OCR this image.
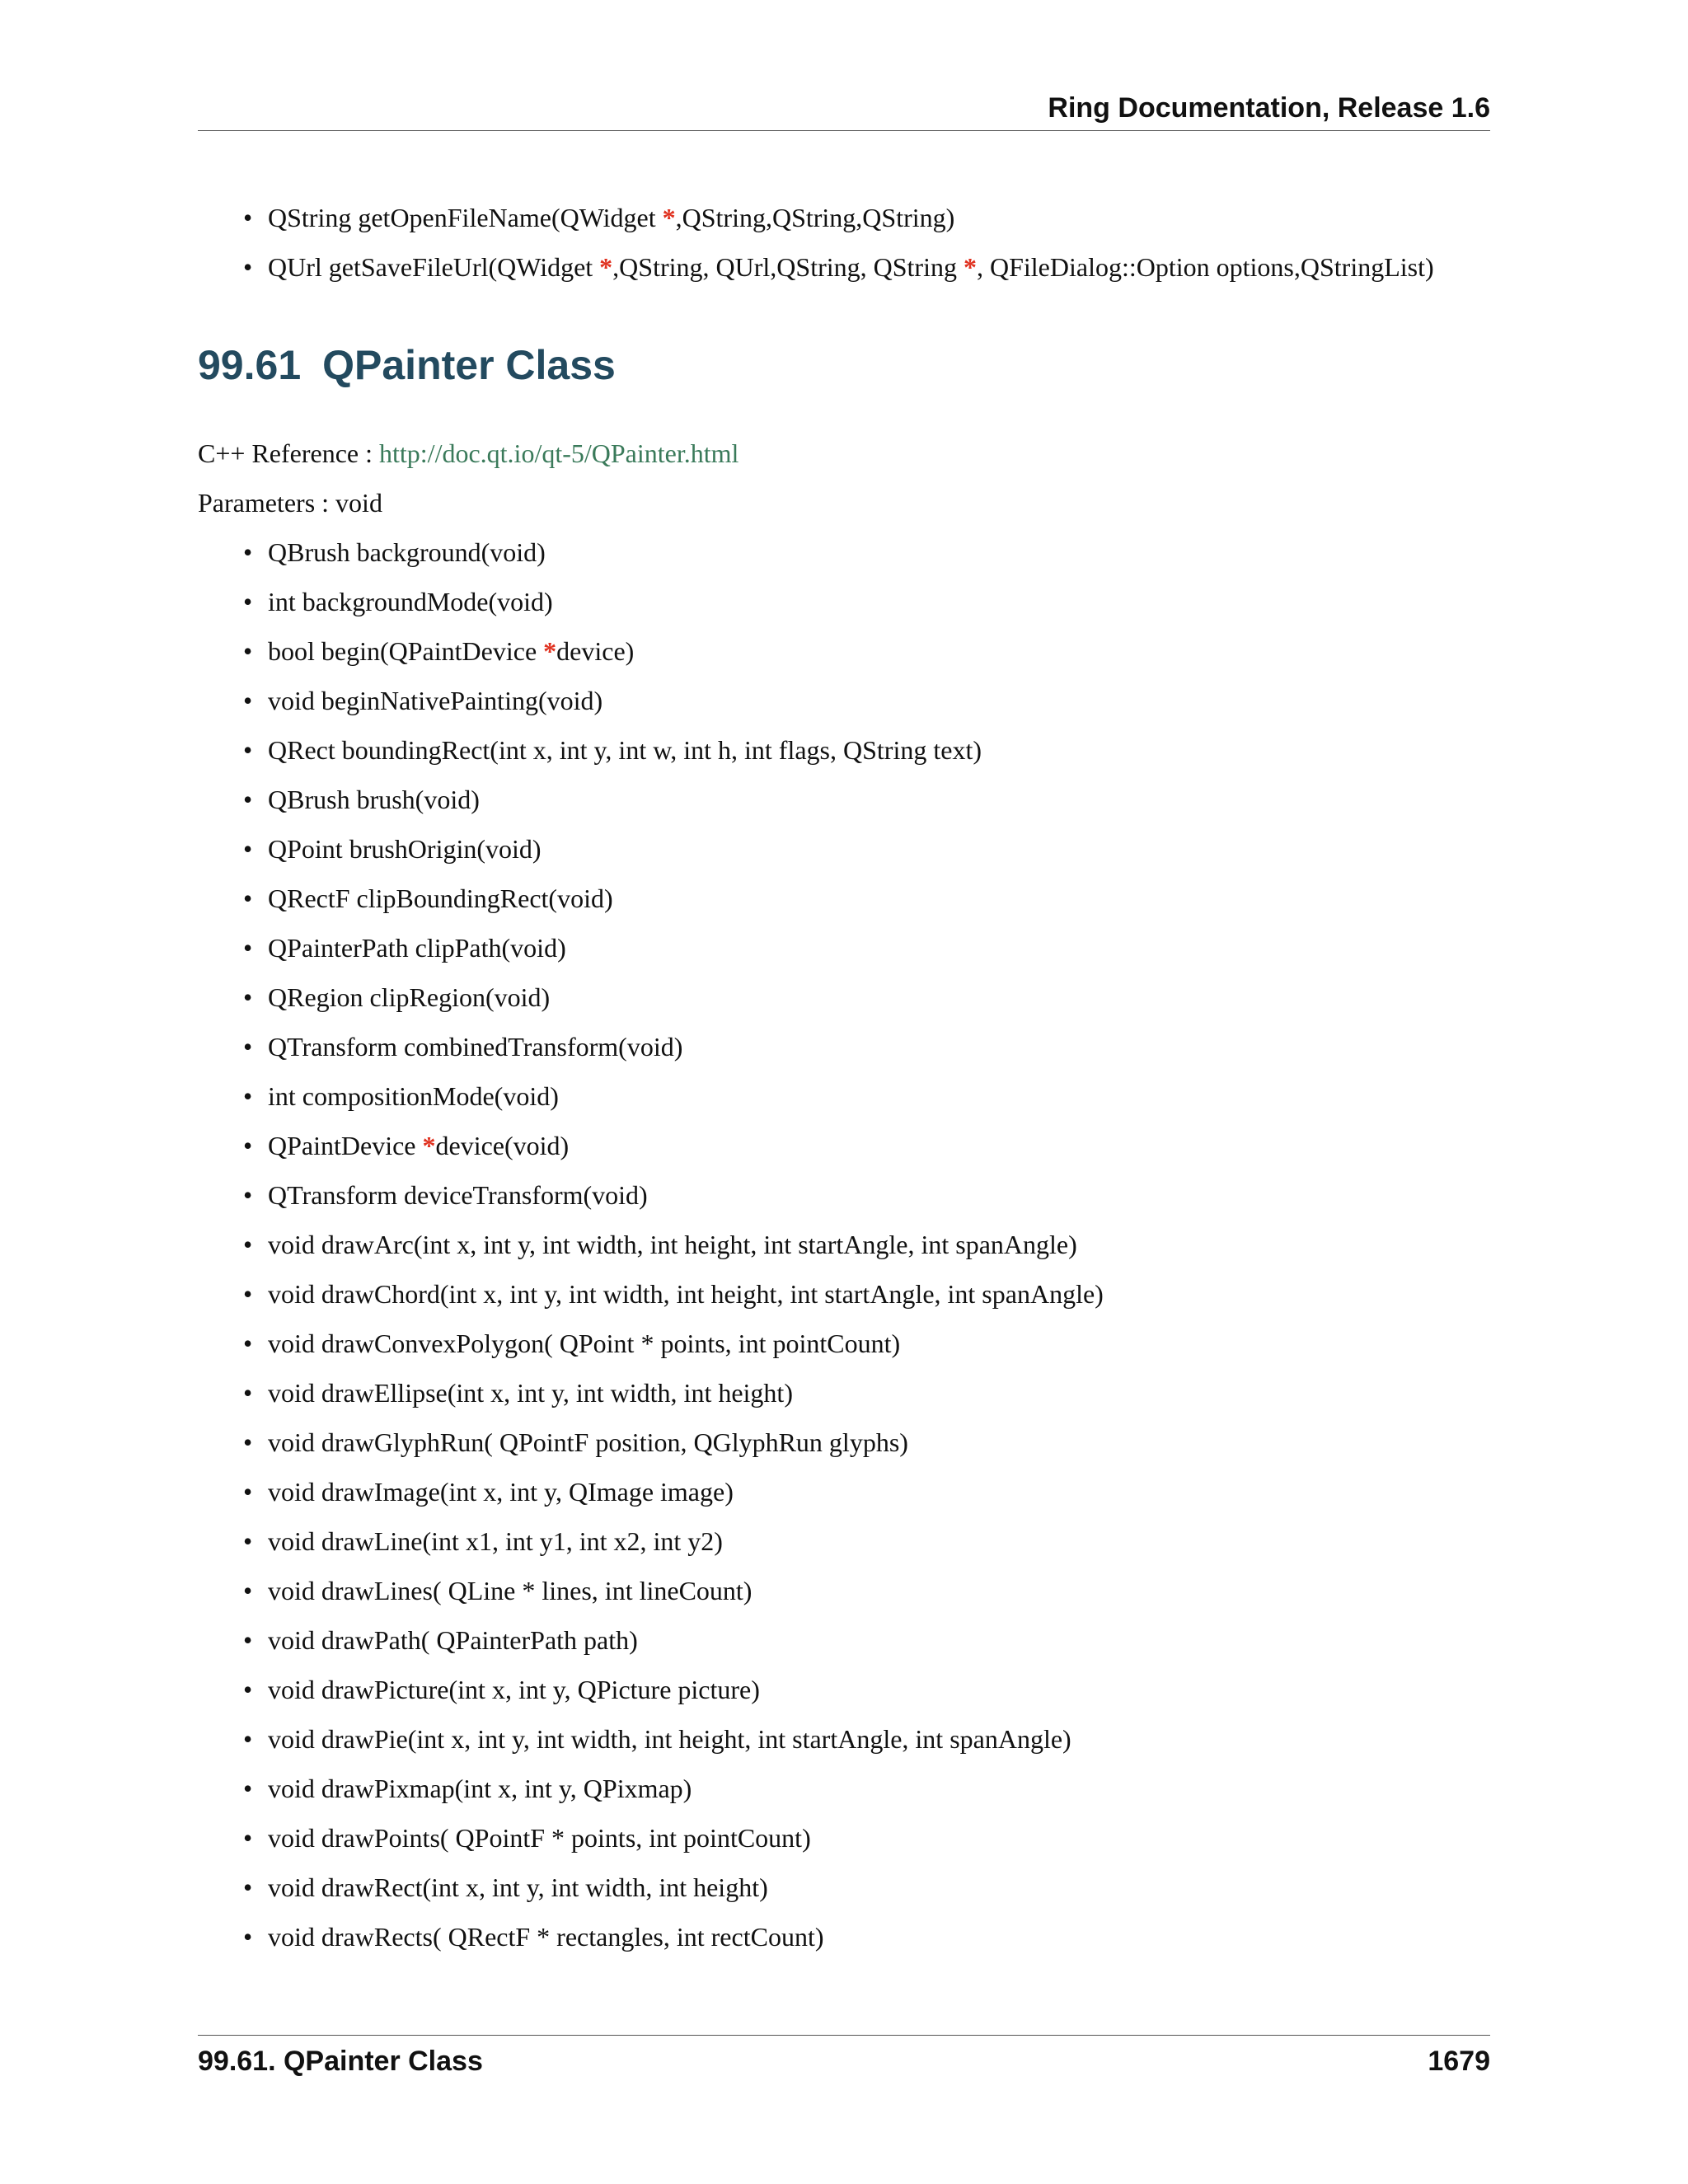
Ring Documentation, Release 1.6
• QString getOpenFileName(QWidget *,QString,QString,QString)
• QUrl getSaveFileUrl(QWidget *,QString, QUrl,QString, QString *, QFileDialog::Option options,QStringList)
99.61 QPainter Class
C++ Reference : http://doc.qt.io/qt-5/QPainter.html
Parameters : void
• QBrush background(void)
• int backgroundMode(void)
• bool begin(QPaintDevice *device)
• void beginNativePainting(void)
• QRect boundingRect(int x, int y, int w, int h, int flags, QString text)
• QBrush brush(void)
• QPoint brushOrigin(void)
• QRectF clipBoundingRect(void)
• QPainterPath clipPath(void)
• QRegion clipRegion(void)
• QTransform combinedTransform(void)
• int compositionMode(void)
• QPaintDevice *device(void)
• QTransform deviceTransform(void)
• void drawArc(int x, int y, int width, int height, int startAngle, int spanAngle)
• void drawChord(int x, int y, int width, int height, int startAngle, int spanAngle)
• void drawConvexPolygon( QPoint * points, int pointCount)
• void drawEllipse(int x, int y, int width, int height)
• void drawGlyphRun( QPointF position, QGlyphRun glyphs)
• void drawImage(int x, int y, QImage image)
• void drawLine(int x1, int y1, int x2, int y2)
• void drawLines( QLine * lines, int lineCount)
• void drawPath( QPainterPath path)
• void drawPicture(int x, int y, QPicture picture)
• void drawPie(int x, int y, int width, int height, int startAngle, int spanAngle)
• void drawPixmap(int x, int y, QPixmap)
• void drawPoints( QPointF * points, int pointCount)
• void drawRect(int x, int y, int width, int height)
• void drawRects( QRectF * rectangles, int rectCount)
99.61. QPainter Class	1679
